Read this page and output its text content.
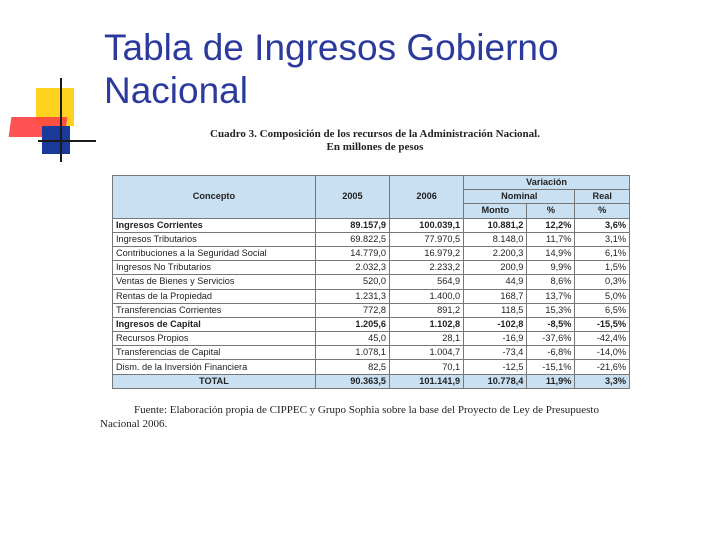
Tabla de Ingresos Gobierno
Nacional
Cuadro 3. Composición de los recursos de la Administración Nacional.
En millones de pesos
Concepto	2005	2006	Variación		
			Nominal		Real
			Monto	%	%
Ingresos Corrientes	89.157,9	100.039,1	10.881,2	12,2%	3,6%
Ingresos Tributarios	69.822,5	77.970,5	8.148,0	11,7%	3,1%
Contribuciones a la Seguridad Social	14.779,0	16.979,2	2.200,3	14,9%	6,1%
Ingresos No Tributarios	2.032,3	2.233,2	200,9	9,9%	1,5%
Ventas de Bienes y Servicios	520,0	564,9	44,9	8,6%	0,3%
Rentas de la Propiedad	1.231,3	1.400,0	168,7	13,7%	5,0%
Transferencias Corrientes	772,8	891,2	118,5	15,3%	6,5%
Ingresos de Capital	1.205,6	1.102,8	-102,8	-8,5%	-15,5%
Recursos Propios	45,0	28,1	-16,9	-37,6%	-42,4%
Transferencias de Capital	1.078,1	1.004,7	-73,4	-6,8%	-14,0%
Dism. de la Inversión Financiera	82,5	70,1	-12,5	-15,1%	-21,6%
TOTAL	90.363,5	101.141,9	10.778,4	11,9%	3,3%
Fuente: Elaboración propia de CIPPEC y Grupo Sophia sobre la base del Proyecto de Ley de Presupuesto Nacional 2006.
